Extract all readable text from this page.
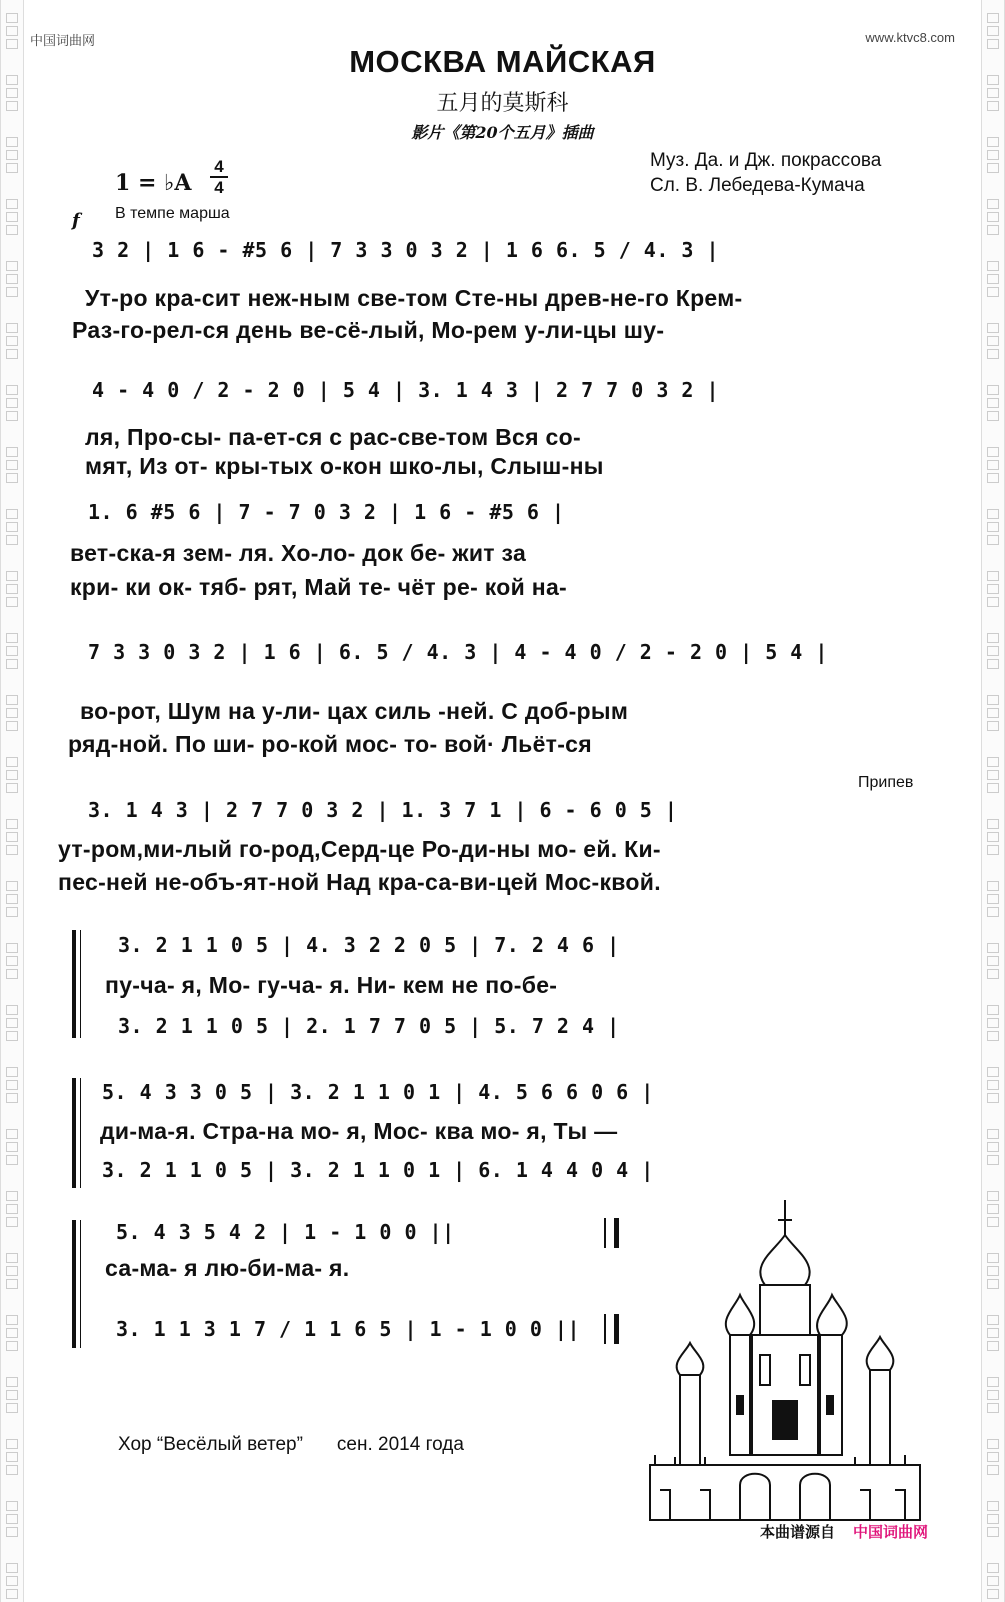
中国词曲网	www.ktvc8.com
МОСКВА МАЙСКАЯ
五月的莫斯科
影片《第20个五月》插曲
Муз. Да. и Дж. покрассова
Сл. В. Лебедева-Кумача
1 = ♭A
4
4
f В темпе марша
3 2 | 1 6 - #5 6 | 7 3 3 0 3 2 | 1 6 6. 5 / 4. 3 |
Ут-ро кра-сит неж-ным све-том Сте-ны древ-не-го Крем-
Раз-го-рел-ся день ве-сё-лый, Мо-рем у-ли-цы шу-
4 - 4 0 / 2 - 2 0 | 5 4 | 3. 1 4 3 | 2 7 7 0 3 2 |
ля, Про-сы- па-ет-ся с рас-све-том Вся со-
мят, Из от- кры-тых о-кон шко-лы, Слыш-ны
1. 6 #5 6 | 7 - 7 0 3 2 | 1 6 - #5 6 |
вет-ска-я зем- ля. Хо-ло- док бе- жит за
кри- ки ок- тяб- рят, Май те- чёт ре- кой на-
7 3 3 0 3 2 | 1 6 | 6. 5 / 4. 3 | 4 - 4 0 / 2 - 2 0 | 5 4 |
во-рот, Шум на у-ли- цах силь -ней. С доб-рым
ряд-ной. По ши- ро-кой мос- то- вой· Льёт-ся
Припев
3. 1 4 3 | 2 7 7 0 3 2 | 1. 3 7 1 | 6 - 6 0 5 |
ут-ром,ми-лый го-род,Серд-це Ро-ди-ны мо- ей. Ки-
пес-ней не-объ-ят-ной Над кра-са-ви-цей Мос-квой.
3. 2 1 1 0 5 | 4. 3 2 2 0 5 | 7. 2 4 6 |
пу-ча- я, Мо- гу-ча- я. Ни- кем не по-бе-
3. 2 1 1 0 5 | 2. 1 7 7 0 5 | 5. 7 2 4 |
5. 4 3 3 0 5 | 3. 2 1 1 0 1 | 4. 5 6 6 0 6 |
ди-ма-я. Стра-на мо- я, Мос- ква мо- я, Ты —
3. 2 1 1 0 5 | 3. 2 1 1 0 1 | 6. 1 4 4 0 4 |
5. 4 3 5 4 2 | 1 - 1 0 0 ||
са-ма- я лю-би-ма- я.
3. 1 1 3 1 7 / 1 1 6 5 | 1 - 1 0 0 ||
Хор “Весёлый ветер” сен. 2014 года
本曲谱源自 中国词曲网
